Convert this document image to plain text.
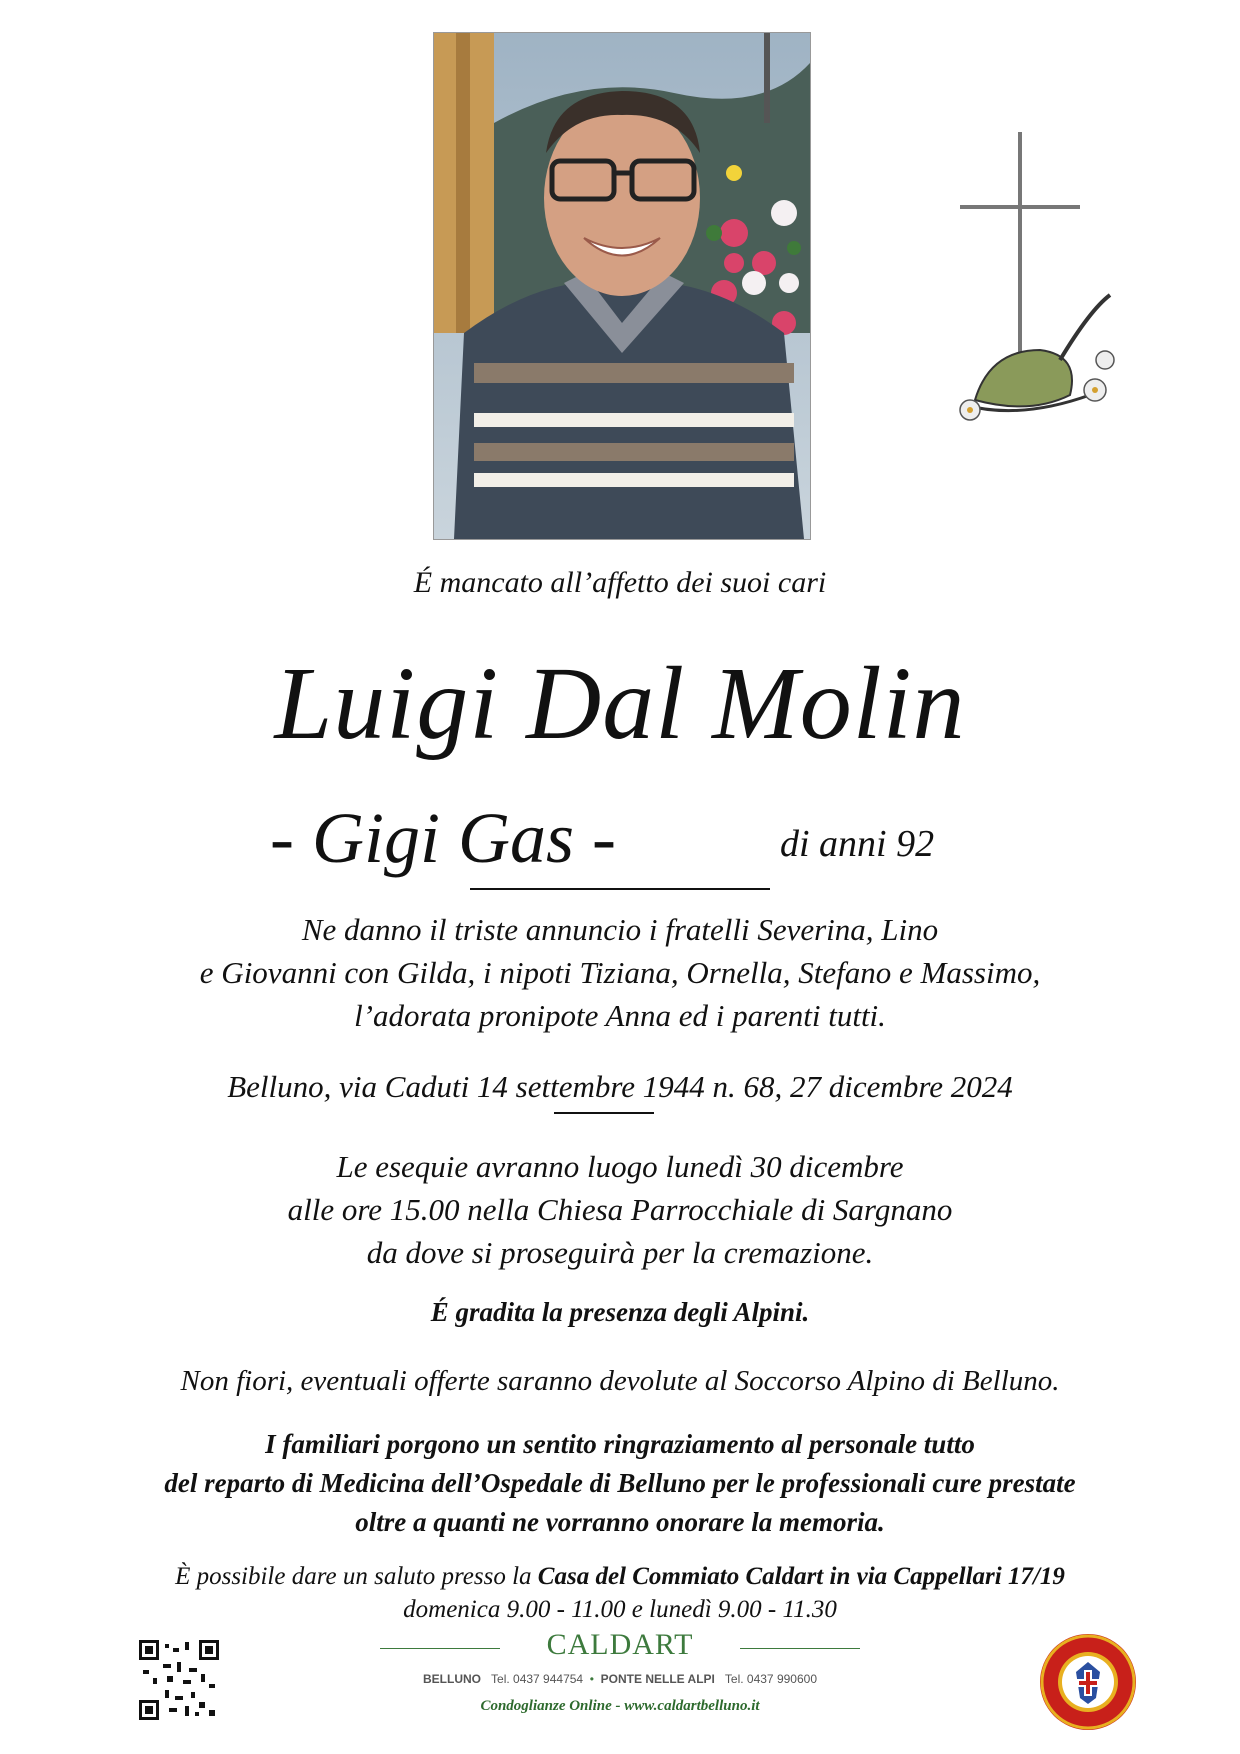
É mancato all’affetto dei suoi cari
Luigi Dal Molin
- Gigi Gas -	di anni 92
Ne danno il triste annuncio i fratelli Severina, Lino
e Giovanni con Gilda, i nipoti Tiziana, Ornella, Stefano e Massimo,
l’adorata pronipote Anna ed i parenti tutti.
Belluno, via Caduti 14 settembre 1944 n. 68, 27 dicembre 2024
Le esequie avranno luogo lunedì 30 dicembre
alle ore 15.00 nella Chiesa Parrocchiale di Sargnano
da dove si proseguirà per la cremazione.
É gradita la presenza degli Alpini.
Non fiori, eventuali offerte saranno devolute al Soccorso Alpino di Belluno.
I familiari porgono un sentito ringraziamento al personale tutto
del reparto di Medicina dell’Ospedale di Belluno per le professionali cure prestate
oltre a quanti ne vorranno onorare la memoria.
È possibile dare un saluto presso la Casa del Commiato Caldart in via Cappellari 17/19
domenica 9.00 - 11.00 e lunedì 9.00 - 11.30
CALDART
BELLUNO Tel. 0437 944754 • PONTE NELLE ALPI Tel. 0437 990600
Condoglianze Online - www.caldartbelluno.it
